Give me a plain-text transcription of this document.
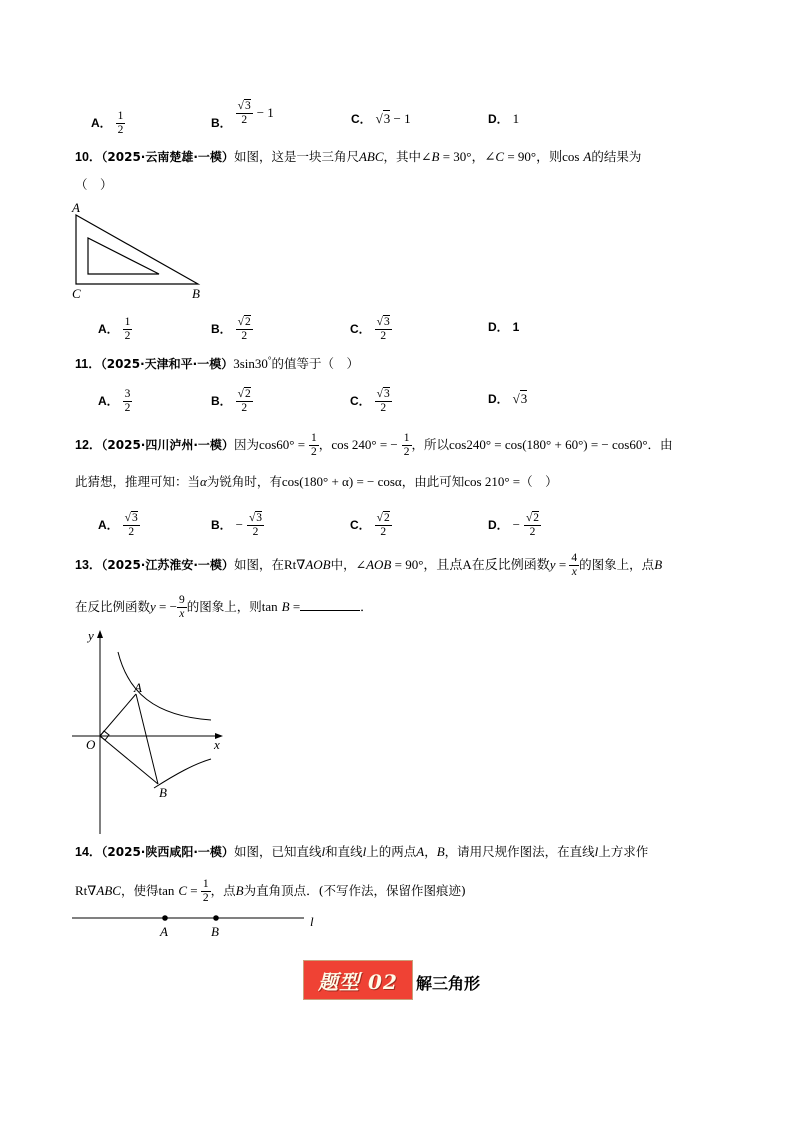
A． $\frac{1}{2}$	B． $\frac{√3}{2} - 1$	C． √3 − 1	D． 1
10．（2025·云南楚雄·一模）如图，这是一块三角尺ABC，其中∠B = 30°，∠C = 90°，则cos A的结果为
（　）
A
C	B
A． $\frac{1}{2}$	B． $\frac{√2}{2}$	C． $\frac{√3}{2}$	D． 1
11．（2025·天津和平·一模）3sin30°的值等于（　）
A． $\frac{3}{2}$	B． $\frac{√2}{2}$	C． $\frac{√3}{2}$	D． √3
12．（2025·四川泸州·一模）因为$\cos 60^\circ = \frac{1}{2}$ ，cos 240° = − $\frac{1}{2}$ ，所以cos240° = cos(180° + 60°) = − cos60°．由
此猜想，推理可知：当α为锐角时，有cos(180° + α) = − cosα，由此可知cos 210° =（　）
A． $\frac{√3}{2}$	B． − $\frac{√3}{2}$	C． $\frac{√2}{2}$	D． − $\frac{√2}{2}$
13．（2025·江苏淮安·一模）如图，在Rt∇AOB中，∠AOB = 90°，且点A在反比例函数$y = \frac{4}{x}$ 的图象上，点B
在反比例函数y = − $\frac{9}{x}$ 的图象上，则tan B =	．
y
x
O
A
B
14．（2025·陕西咸阳·一模）如图，已知直线l和直线l上的两点A，B，请用尺规作图法，在直线l上方求作
Rt∇ABC，使得$\tan C = \frac{1}{2}$ ，点B为直角顶点．(不写作法，保留作图痕迹)
A	B
l
题型 02 解三角形
